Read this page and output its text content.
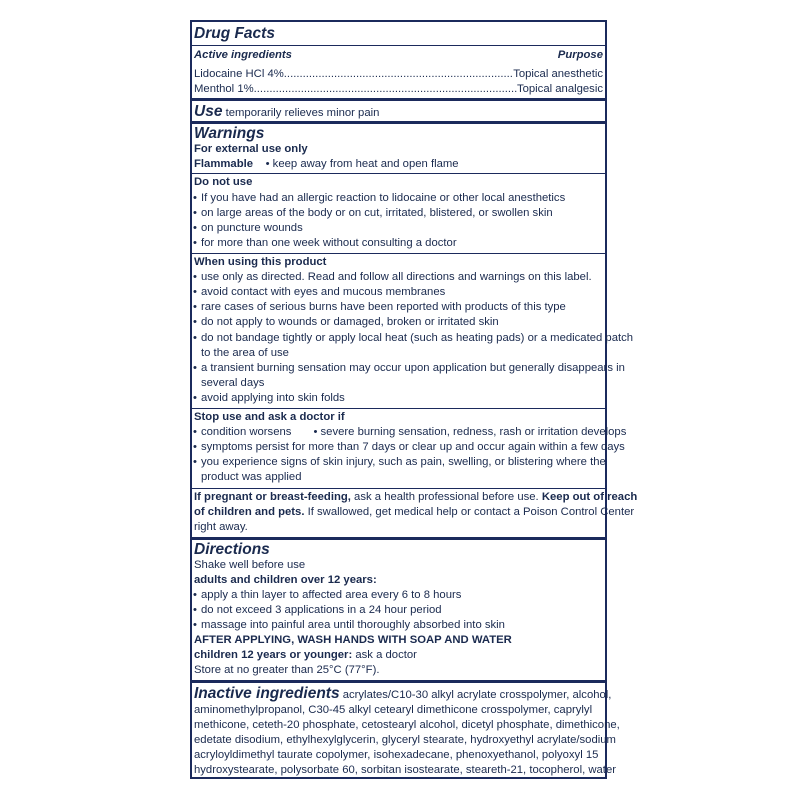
Drug Facts
Active ingredients	Purpose
Lidocaine HCl 4% .....	Topical anesthetic
Menthol 1% .....	Topical analgesic
Use temporarily relieves minor pain
Warnings
For external use only
Flammable • keep away from heat and open flame
Do not use
• If you have had an allergic reaction to lidocaine or other local anesthetics
• on large areas of the body or on cut, irritated, blistered, or swollen skin
• on puncture wounds
• for more than one week without consulting a doctor
When using this product
• use only as directed. Read and follow all directions and warnings on this label.
• avoid contact with eyes and mucous membranes
• rare cases of serious burns have been reported with products of this type
• do not apply to wounds or damaged, broken or irritated skin
• do not bandage tightly or apply local heat (such as heating pads) or a medicated patch
to the area of use
• a transient burning sensation may occur upon application but generally disappears in
several days
• avoid applying into skin folds
Stop use and ask a doctor if
• condition worsens • severe burning sensation, redness, rash or irritation develops
• symptoms persist for more than 7 days or clear up and occur again within a few days
• you experience signs of skin injury, such as pain, swelling, or blistering where the
product was applied
If pregnant or breast-feeding, ask a health professional before use. Keep out of reach
of children and pets. If swallowed, get medical help or contact a Poison Control Center
right away.
Directions
Shake well before use
adults and children over 12 years:
• apply a thin layer to affected area every 6 to 8 hours
• do not exceed 3 applications in a 24 hour period
• massage into painful area until thoroughly absorbed into skin
AFTER APPLYING, WASH HANDS WITH SOAP AND WATER
children 12 years or younger: ask a doctor
Store at no greater than 25°C (77°F).
Inactive ingredients acrylates/C10-30 alkyl acrylate crosspolymer, alcohol,
aminomethylpropanol, C30-45 alkyl cetearyl dimethicone crosspolymer, caprylyl
methicone, ceteth-20 phosphate, cetostearyl alcohol, dicetyl phosphate, dimethicone,
edetate disodium, ethylhexylglycerin, glyceryl stearate, hydroxyethyl acrylate/sodium
acryloyldimethyl taurate copolymer, isohexadecane, phenoxyethanol, polyoxyl 15
hydroxystearate, polysorbate 60, sorbitan isostearate, steareth-21, tocopherol, water
